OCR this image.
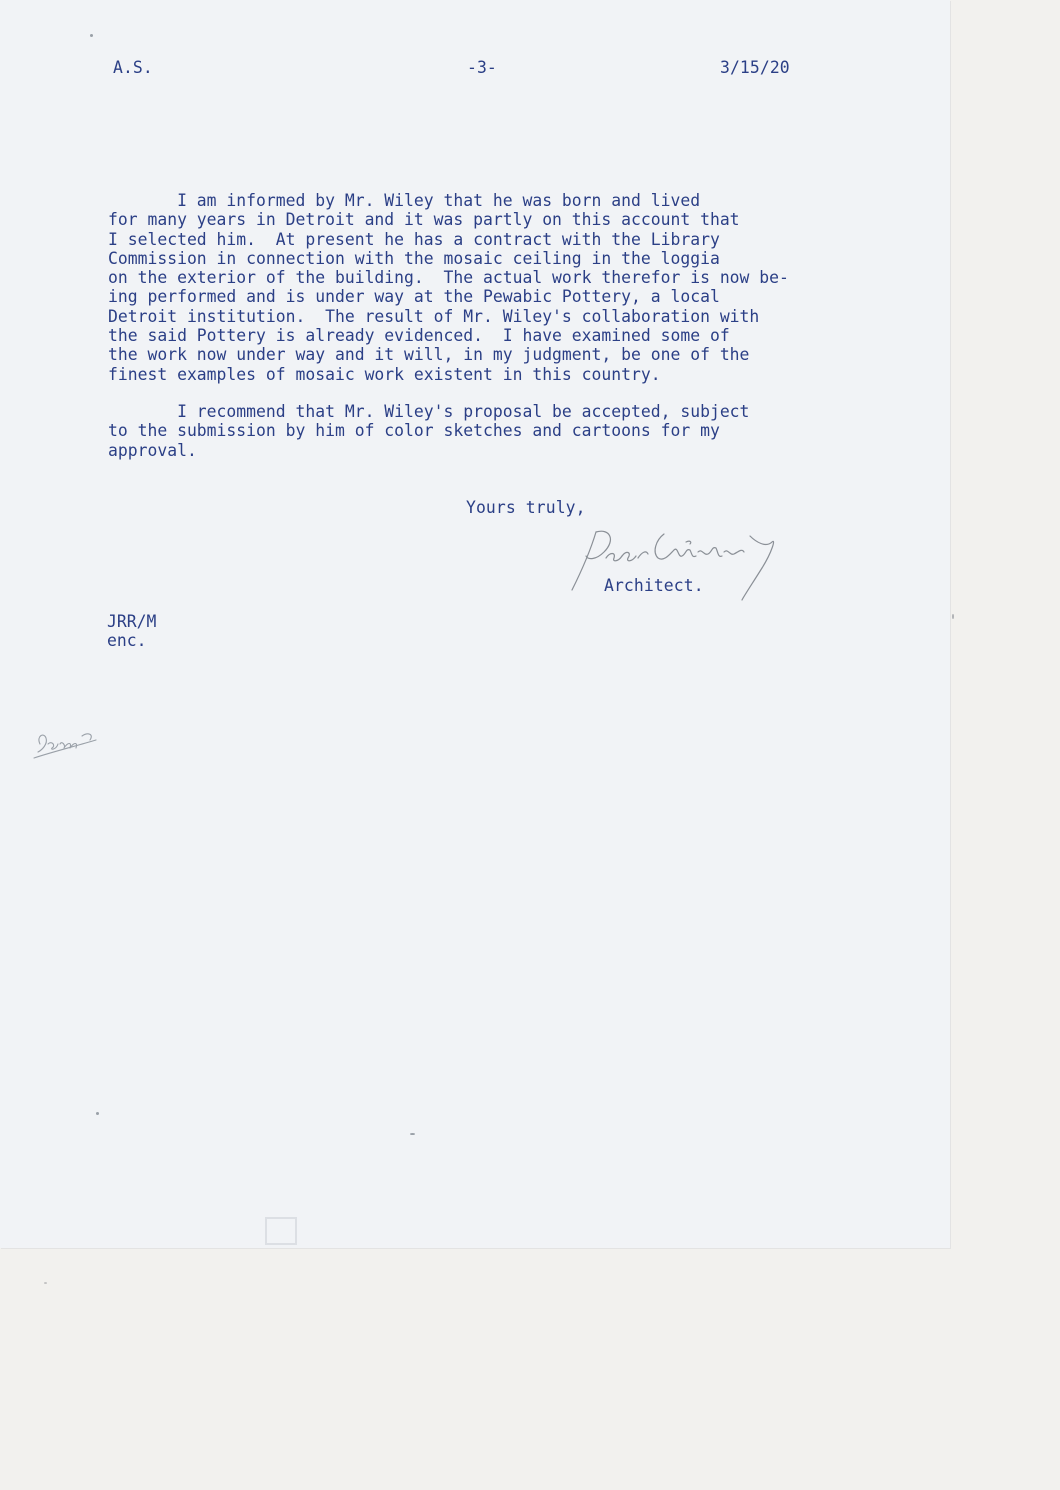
A.S.	-3-	3/15/20
I am informed by Mr. Wiley that he was born and lived
for many years in Detroit and it was partly on this account that
I selected him.  At present he has a contract with the Library
Commission in connection with the mosaic ceiling in the loggia
on the exterior of the building.  The actual work therefor is now be-
ing performed and is under way at the Pewabic Pottery, a local
Detroit institution.  The result of Mr. Wiley's collaboration with
the said Pottery is already evidenced.  I have examined some of
the work now under way and it will, in my judgment, be one of the
finest examples of mosaic work existent in this country.
I recommend that Mr. Wiley's proposal be accepted, subject
to the submission by him of color sketches and cartoons for my
approval.
Yours truly,
Architect.
JRR/M
enc.
